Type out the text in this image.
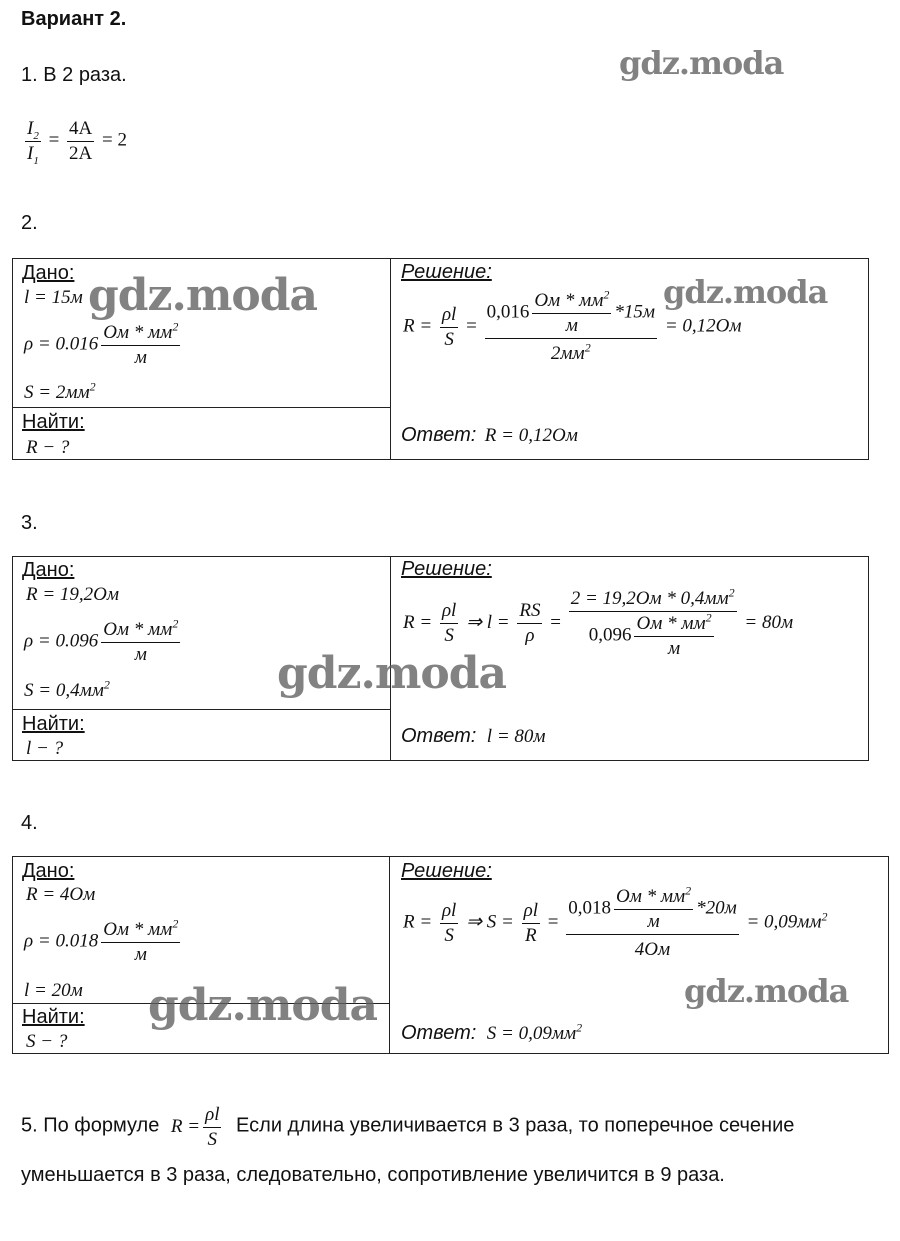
Вариант 2.
1. В 2 раза.
$\frac{I_2}{I_1} = \frac{4A}{2A} = 2$
2.
Дано:
l = 15м
$\rho = 0.016 \frac{Ом * мм^2}{м}$
$S = 2мм^2$
Найти:
R − ?
Решение:
$R = \frac{\rho l}{S} = \frac{0,016 \frac{Ом * мм^2}{м} *15м}{2мм^2} = 0,12Ом$
Ответ: R = 0,12Ом
3.
Дано:
R = 19,2Ом
$\rho = 0.096 \frac{Ом * мм^2}{м}$
$S = 0,4мм^2$
Найти:
l − ?
Решение:
$R = \frac{\rho l}{S}$ ⇒ $l = \frac{RS}{\rho} = \frac{2 = 19,2Ом * 0,4мм^2}{0,096 \frac{Ом * мм^2}{м}} = 80м$
Ответ: l = 80м
4.
Дано:
R = 4Ом
$\rho = 0.018 \frac{Ом * мм^2}{м}$
l = 20м
Найти:
S − ?
Решение:
$R = \frac{\rho l}{S}$ ⇒ $S = \frac{\rho l}{R} = \frac{0,018 \frac{Ом * мм^2}{м} *20м}{4Ом} = 0,09мм^2$
Ответ: $S = 0,09мм^2$
5. По формуле $R = \frac{\rho l}{S}$ Если длина увеличивается в 3 раза, то поперечное сечение
уменьшается в 3 раза, следовательно, сопротивление увеличится в 9 раза.
gdz.moda
gdz.moda	gdz.moda
gdz.moda
gdz.moda	gdz.moda
